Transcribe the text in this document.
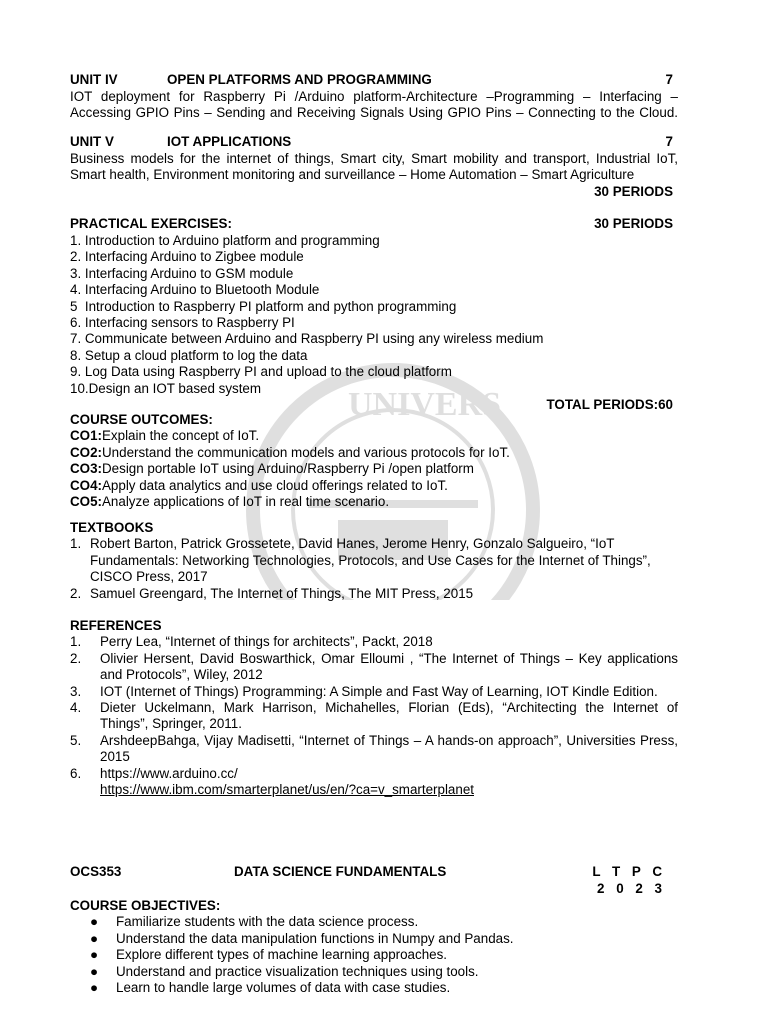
UNIVERS
UNIT IV	OPEN PLATFORMS AND PROGRAMMING	7
IOT deployment for Raspberry Pi /Arduino platform-Architecture –Programming – Interfacing –
Accessing GPIO Pins – Sending and Receiving Signals Using GPIO Pins – Connecting to the Cloud.
UNIT V	IOT APPLICATIONS	7
Business models for the internet of things, Smart city, Smart mobility and transport, Industrial IoT,
Smart health, Environment monitoring and surveillance – Home Automation – Smart Agriculture
30 PERIODS
PRACTICAL EXERCISES:	30 PERIODS
1. Introduction to Arduino platform and programming
2. Interfacing Arduino to Zigbee module
3. Interfacing Arduino to GSM module
4. Interfacing Arduino to Bluetooth Module
5  Introduction to Raspberry PI platform and python programming
6. Interfacing sensors to Raspberry PI
7. Communicate between Arduino and Raspberry PI using any wireless medium
8. Setup a cloud platform to log the data
9. Log Data using Raspberry PI and upload to the cloud platform
10.Design an IOT based system
TOTAL PERIODS:60
COURSE OUTCOMES:
CO1:Explain the concept of IoT.
CO2:Understand the communication models and various protocols for IoT.
CO3:Design portable IoT using Arduino/Raspberry Pi /open platform
CO4:Apply data analytics and use cloud offerings related to IoT.
CO5:Analyze applications of IoT in real time scenario.
TEXTBOOKS
1. Robert Barton, Patrick Grossetete, David Hanes, Jerome Henry, Gonzalo Salgueiro, “IoT
Fundamentals: Networking Technologies, Protocols, and Use Cases for the Internet of Things”,
CISCO Press, 2017
2. Samuel Greengard, The Internet of Things, The MIT Press, 2015
REFERENCES
1. Perry Lea, “Internet of things for architects”, Packt, 2018
2. Olivier Hersent, David Boswarthick, Omar Elloumi , “The Internet of Things – Key applications and Protocols”, Wiley, 2012
3. IOT (Internet of Things) Programming: A Simple and Fast Way of Learning, IOT Kindle Edition.
4. Dieter Uckelmann, Mark Harrison, Michahelles, Florian (Eds), “Architecting the Internet of Things”, Springer, 2011.
5. ArshdeepBahga, Vijay Madisetti, “Internet of Things – A hands-on approach”, Universities Press, 2015
6. https://www.arduino.cc/
https://www.ibm.com/smarterplanet/us/en/?ca=v_smarterplanet
OCS353	DATA SCIENCE FUNDAMENTALS	L T P C
2 0 2 3
COURSE OBJECTIVES:
● Familiarize students with the data science process.
● Understand the data manipulation functions in Numpy and Pandas.
● Explore different types of machine learning approaches.
● Understand and practice visualization techniques using tools.
● Learn to handle large volumes of data with case studies.
